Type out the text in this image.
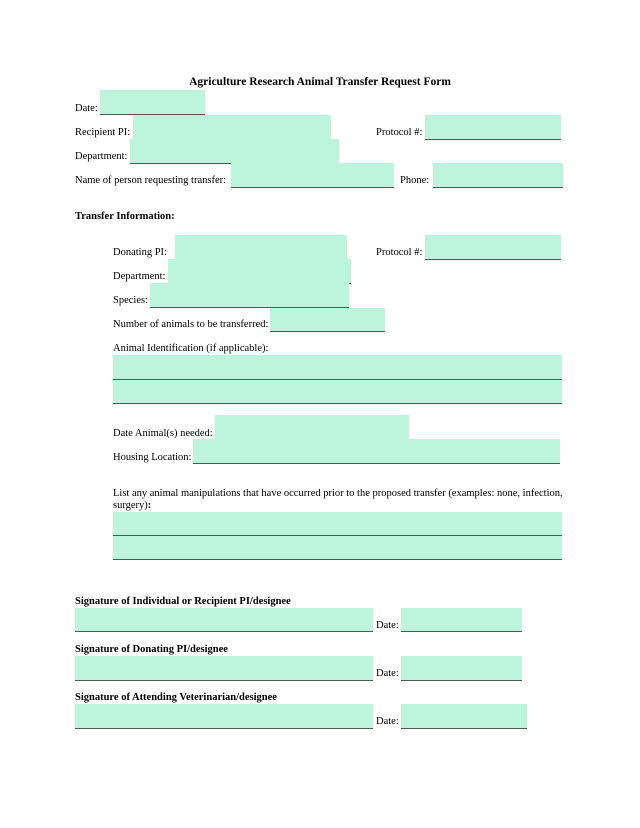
Agriculture Research Animal Transfer Request Form
Date:
Recipient PI:	Protocol #:
Department:
Name of person requesting transfer:	Phone:
Transfer Information:
Donating PI:	Protocol #:
Department:
Species:
Number of animals to be transferred:
Animal Identification (if applicable):
Date Animal(s) needed:
Housing Location:
List any animal manipulations that have occurred prior to the proposed transfer (examples: none, infection, surgery):
Signature of Individual or Recipient PI/designee
Date:
Signature of Donating PI/designee
Date:
Signature of Attending Veterinarian/designee
Date:
